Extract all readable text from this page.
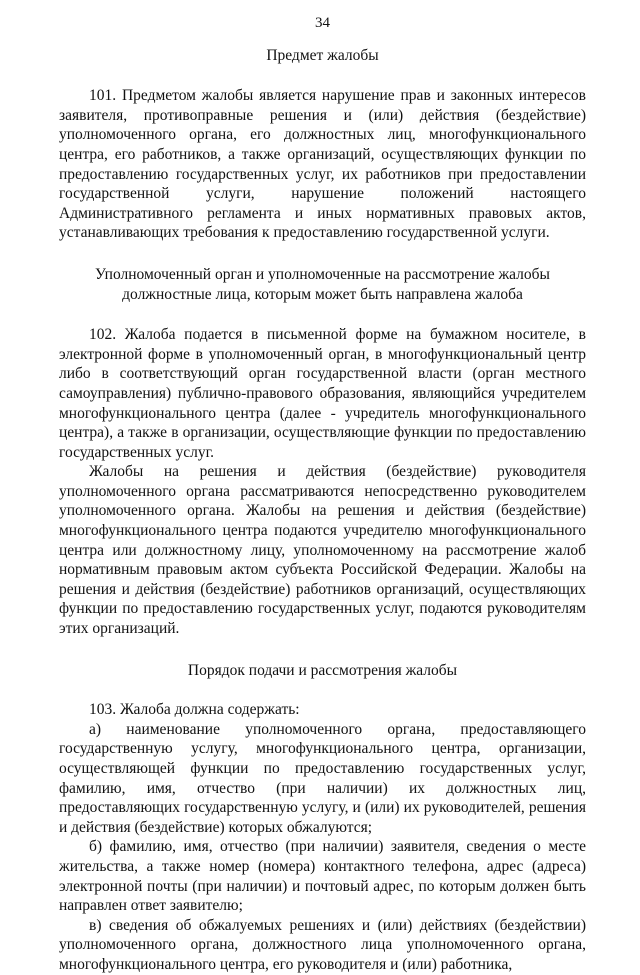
34

Предмет жалобы

101. Предметом жалобы является нарушение прав и законных интересов заявителя, противоправные решения и (или) действия (бездействие) уполномоченного органа, его должностных лиц, многофункционального центра, его работников, а также организаций, осуществляющих функции по предоставлению государственных услуг, их работников при предоставлении государственной услуги, нарушение положений настоящего Административного регламента и иных нормативных правовых актов, устанавливающих требования к предоставлению государственной услуги.

Уполномоченный орган и уполномоченные на рассмотрение жалобы должностные лица, которым может быть направлена жалоба

102. Жалоба подается в письменной форме на бумажном носителе, в электронной форме в уполномоченный орган, в многофункциональный центр либо в соответствующий орган государственной власти (орган местного самоуправления) публично-правового образования, являющийся учредителем многофункционального центра (далее - учредитель многофункционального центра), а также в организации, осуществляющие функции по предоставлению государственных услуг.

Жалобы на решения и действия (бездействие) руководителя уполномоченного органа рассматриваются непосредственно руководителем уполномоченного органа. Жалобы на решения и действия (бездействие) многофункционального центра подаются учредителю многофункционального центра или должностному лицу, уполномоченному на рассмотрение жалоб нормативным правовым актом субъекта Российской Федерации. Жалобы на решения и действия (бездействие) работников организаций, осуществляющих функции по предоставлению государственных услуг, подаются руководителям этих организаций.

Порядок подачи и рассмотрения жалобы

103. Жалоба должна содержать:

а) наименование уполномоченного органа, предоставляющего государственную услугу, многофункционального центра, организации, осуществляющей функции по предоставлению государственных услуг, фамилию, имя, отчество (при наличии) их должностных лиц, предоставляющих государственную услугу, и (или) их руководителей, решения и действия (бездействие) которых обжалуются;

б) фамилию, имя, отчество (при наличии) заявителя, сведения о месте жительства, а также номер (номера) контактного телефона, адрес (адреса) электронной почты (при наличии) и почтовый адрес, по которым должен быть направлен ответ заявителю;

в) сведения об обжалуемых решениях и (или) действиях (бездействии) уполномоченного органа, должностного лица уполномоченного органа, многофункционального центра, его руководителя и (или) работника,
